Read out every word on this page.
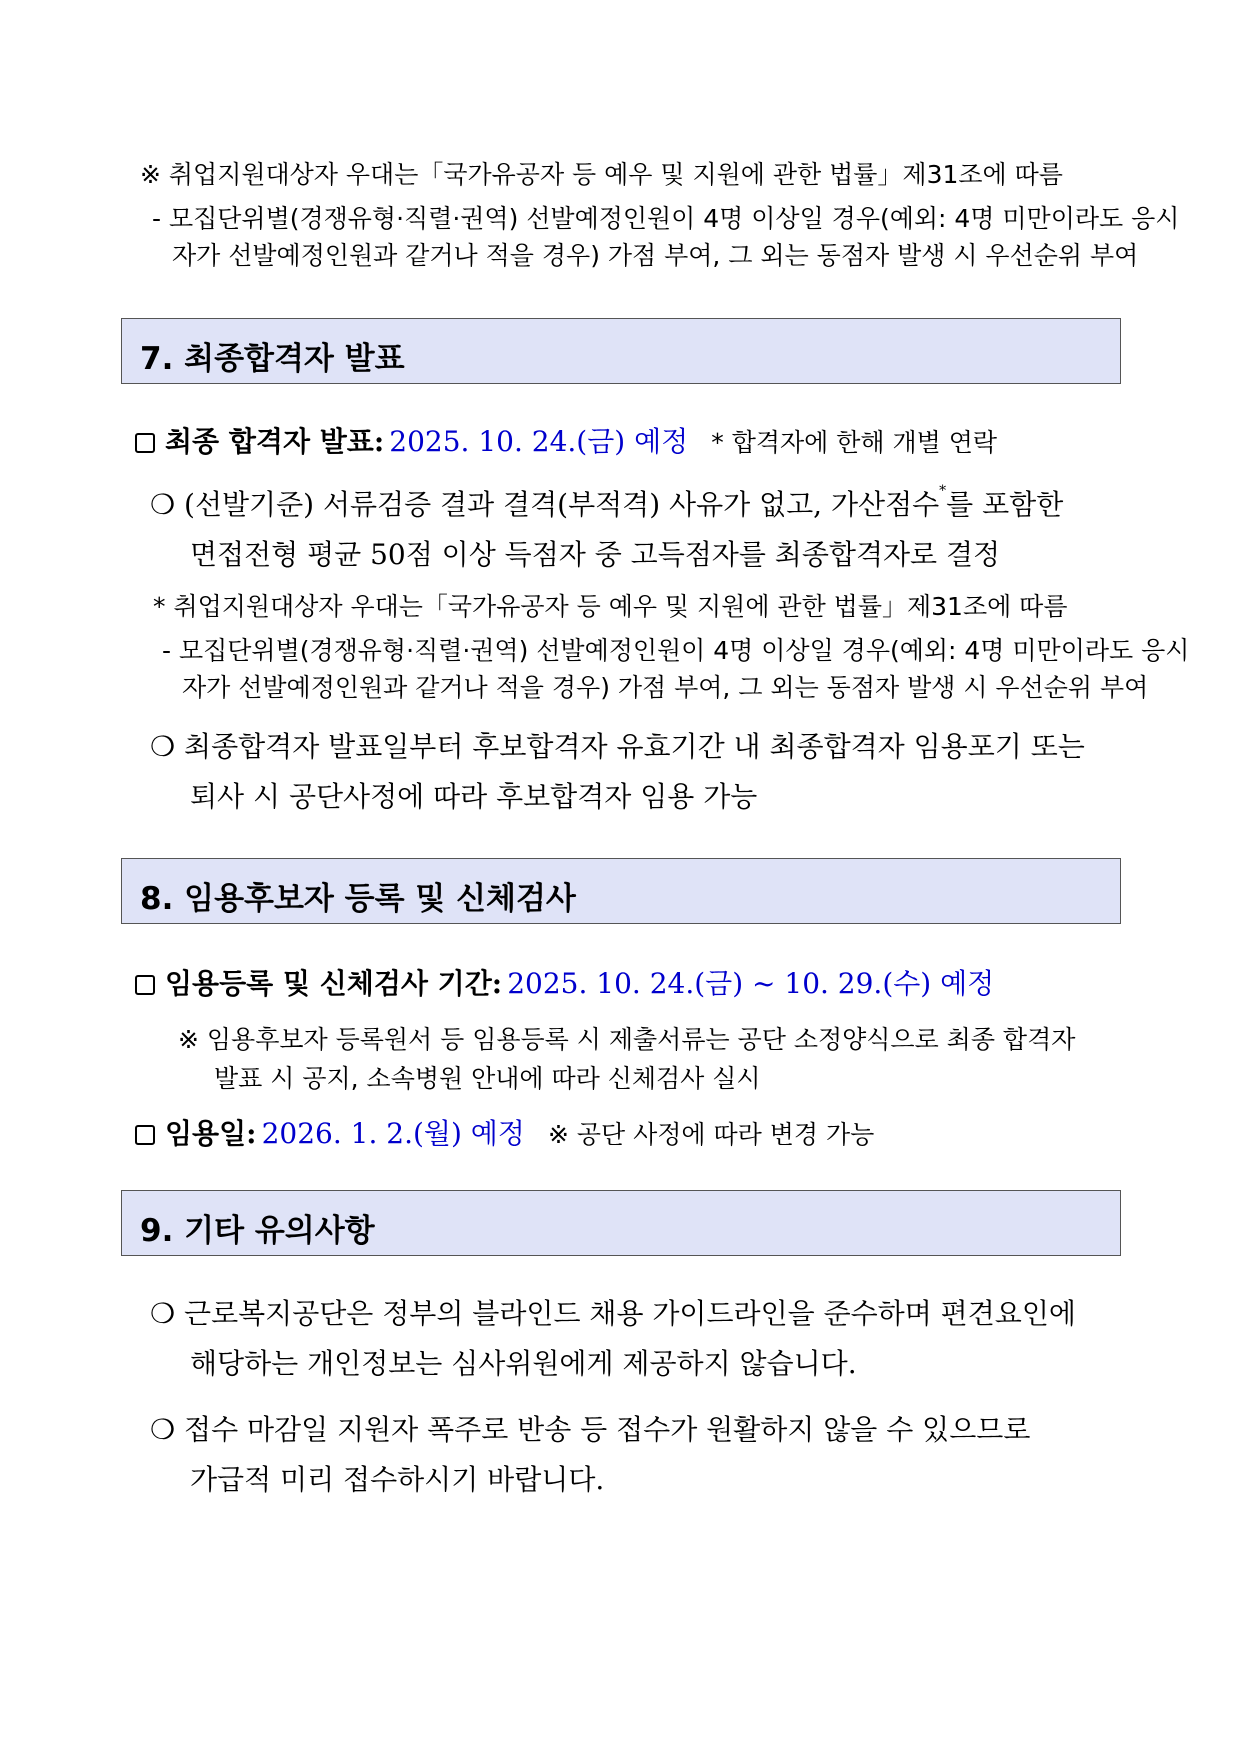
※ 취업지원대상자 우대는「국가유공자 등 예우 및 지원에 관한 법률」제31조에 따름
- 모집단위별(경쟁유형·직렬·권역) 선발예정인원이 4명 이상일 경우(예외: 4명 미만이라도 응시
자가 선발예정인원과 같거나 적을 경우) 가점 부여, 그 외는 동점자 발생 시 우선순위 부여
7. 최종합격자 발표
최종 합격자 발표: 2025. 10. 24.(금) 예정 * 합격자에 한해 개별 연락
❍ (선발기준) 서류검증 결과 결격(부적격) 사유가 없고, 가산점수*를 포함한
면접전형 평균 50점 이상 득점자 중 고득점자를 최종합격자로 결정
* 취업지원대상자 우대는「국가유공자 등 예우 및 지원에 관한 법률」제31조에 따름
- 모집단위별(경쟁유형·직렬·권역) 선발예정인원이 4명 이상일 경우(예외: 4명 미만이라도 응시
자가 선발예정인원과 같거나 적을 경우) 가점 부여, 그 외는 동점자 발생 시 우선순위 부여
❍ 최종합격자 발표일부터 후보합격자 유효기간 내 최종합격자 임용포기 또는
퇴사 시 공단사정에 따라 후보합격자 임용 가능
8. 임용후보자 등록 및 신체검사
임용등록 및 신체검사 기간: 2025. 10. 24.(금) ~ 10. 29.(수) 예정
※ 임용후보자 등록원서 등 임용등록 시 제출서류는 공단 소정양식으로 최종 합격자
발표 시 공지, 소속병원 안내에 따라 신체검사 실시
임용일: 2026. 1. 2.(월) 예정 ※ 공단 사정에 따라 변경 가능
9. 기타 유의사항
❍ 근로복지공단은 정부의 블라인드 채용 가이드라인을 준수하며 편견요인에
해당하는 개인정보는 심사위원에게 제공하지 않습니다.
❍ 접수 마감일 지원자 폭주로 반송 등 접수가 원활하지 않을 수 있으므로
가급적 미리 접수하시기 바랍니다.
